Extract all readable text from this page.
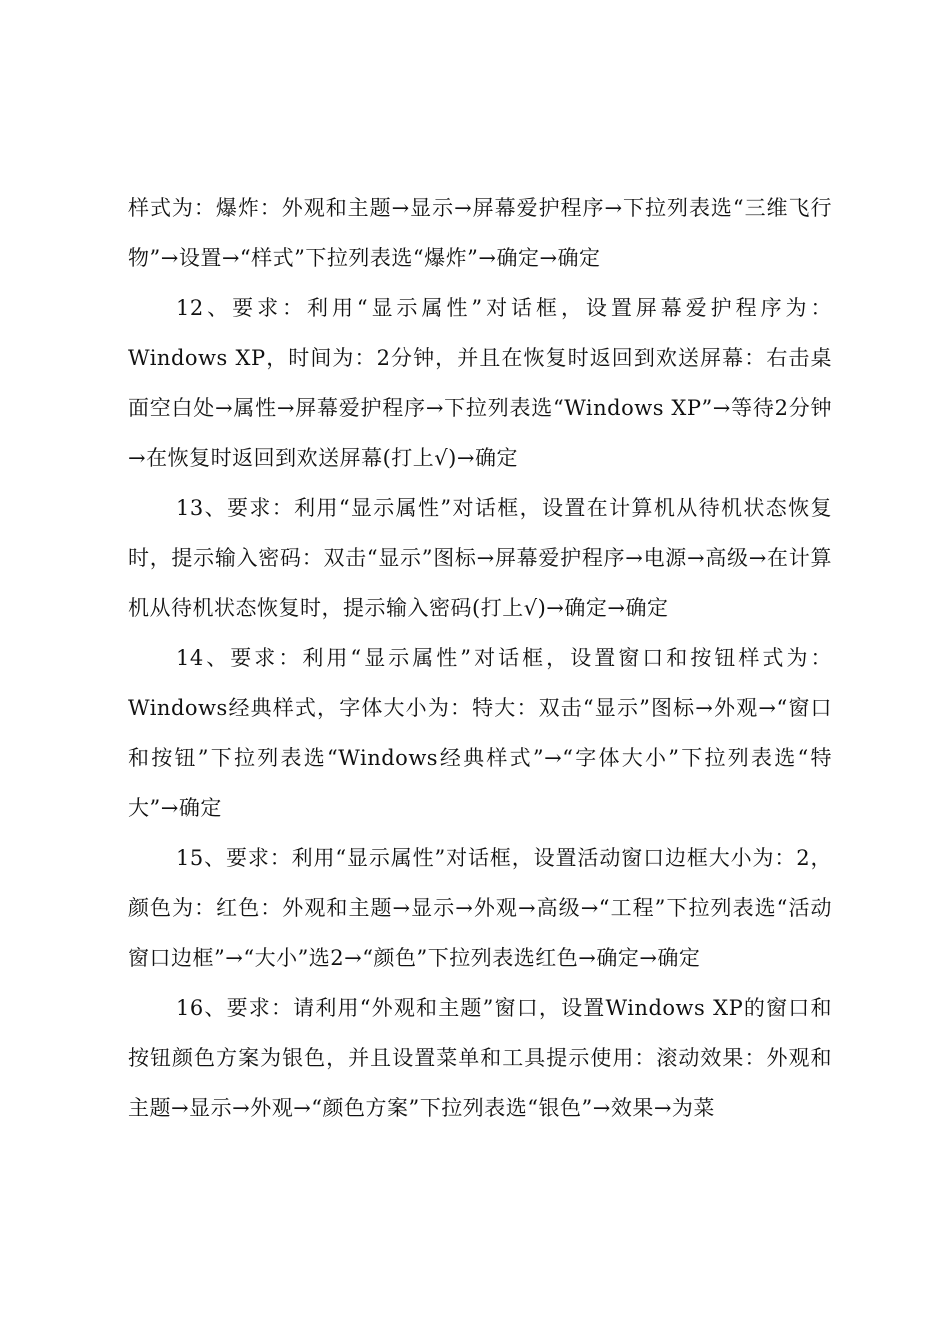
样式为：爆炸：外观和主题→显示→屏幕爱护程序→下拉列表选“三维飞行物”→设置→“样式”下拉列表选“爆炸”→确定→确定

12、要求：利用“显示属性”对话框，设置屏幕爱护程序为：Windows XP，时间为：2分钟，并且在恢复时返回到欢送屏幕：右击桌面空白处→属性→屏幕爱护程序→下拉列表选“Windows XP”→等待2分钟→在恢复时返回到欢送屏幕(打上√)→确定

13、要求：利用“显示属性”对话框，设置在计算机从待机状态恢复时，提示输入密码：双击“显示”图标→屏幕爱护程序→电源→高级→在计算机从待机状态恢复时，提示输入密码(打上√)→确定→确定

14、要求：利用“显示属性”对话框，设置窗口和按钮样式为：Windows经典样式，字体大小为：特大：双击“显示”图标→外观→“窗口和按钮”下拉列表选“Windows经典样式”→“字体大小”下拉列表选“特大”→确定

15、要求：利用“显示属性”对话框，设置活动窗口边框大小为：2，颜色为：红色：外观和主题→显示→外观→高级→“工程”下拉列表选“活动窗口边框”→“大小”选2→“颜色”下拉列表选红色→确定→确定

16、要求：请利用“外观和主题”窗口，设置Windows XP的窗口和按钮颜色方案为银色，并且设置菜单和工具提示使用：滚动效果：外观和主题→显示→外观→“颜色方案”下拉列表选“银色”→效果→为菜
